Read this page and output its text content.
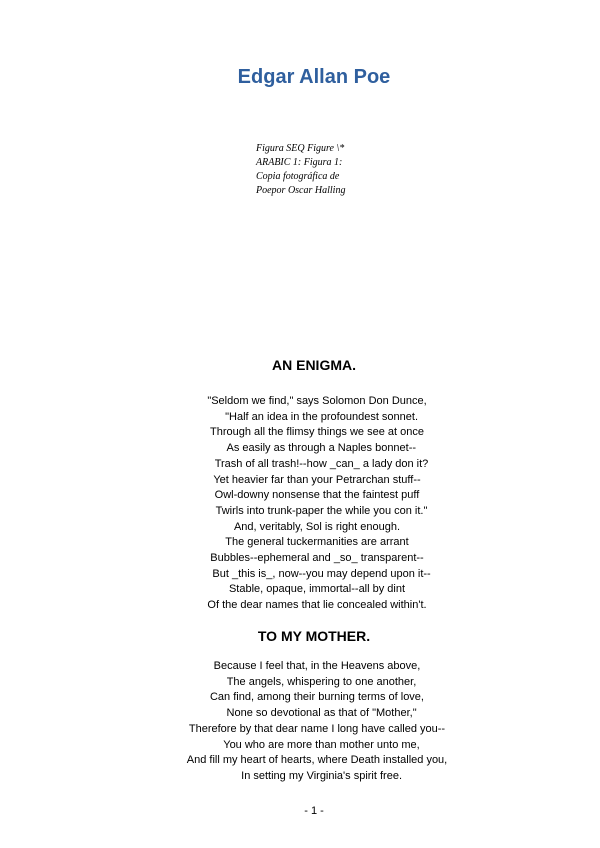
Edgar Allan Poe
Figura SEQ Figure \*
ARABIC 1: Figura 1:
Copia fotográfica de
Poepor Oscar Halling
AN ENIGMA.
"Seldom we find," says Solomon Don Dunce,
"Half an idea in the profoundest sonnet.
Through all the flimsy things we see at once
As easily as through a Naples bonnet--
Trash of all trash!--how _can_ a lady don it?
Yet heavier far than your Petrarchan stuff--
Owl-downy nonsense that the faintest puff
Twirls into trunk-paper the while you con it."
And, veritably, Sol is right enough.
The general tuckermanities are arrant
Bubbles--ephemeral and _so_ transparent--
But _this is_, now--you may depend upon it--
Stable, opaque, immortal--all by dint
Of the dear names that lie concealed within't.
TO MY MOTHER.
Because I feel that, in the Heavens above,
The angels, whispering to one another,
Can find, among their burning terms of love,
None so devotional as that of "Mother,"
Therefore by that dear name I long have called you--
You who are more than mother unto me,
And fill my heart of hearts, where Death installed you,
In setting my Virginia's spirit free.
- 1 -
